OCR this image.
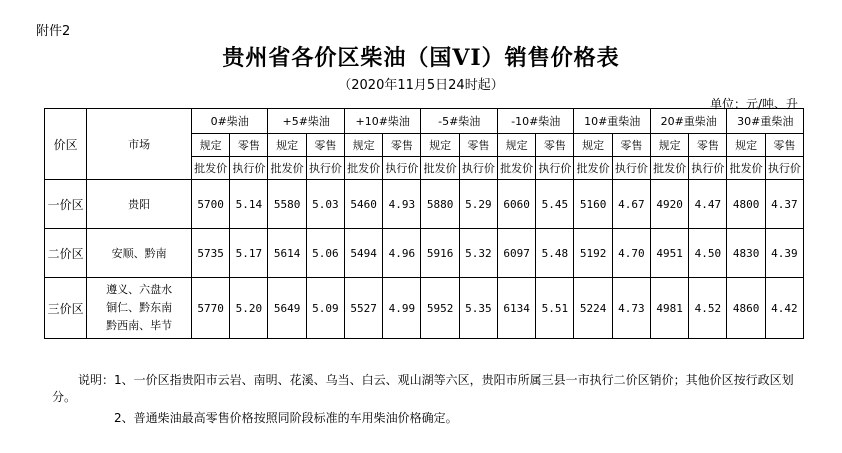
附件2
贵州省各价区柴油（国VI）销售价格表
（2020年11月5日24时起）
单位：元/吨、升
价区	市场	0#柴油		+5#柴油		+10#柴油		-5#柴油		-10#柴油		10#重柴油		20#重柴油		30#重柴油	
		规定	零售	规定	零售	规定	零售	规定	零售	规定	零售	规定	零售	规定	零售	规定	零售
		批发价	执行价	批发价	执行价	批发价	执行价	批发价	执行价	批发价	执行价	批发价	执行价	批发价	执行价	批发价	执行价
一价区	贵阳	5700	5.14	5580	5.03	5460	4.93	5880	5.29	6060	5.45	5160	4.67	4920	4.47	4800	4.37
二价区	安顺、黔南	5735	5.17	5614	5.06	5494	4.96	5916	5.32	6097	5.48	5192	4.70	4951	4.50	4830	4.39
三价区	遵义、六盘水
铜仁、黔东南
黔西南、毕节	5770	5.20	5649	5.09	5527	4.99	5952	5.35	6134	5.51	5224	4.73	4981	4.52	4860	4.42
说明：1、一价区指贵阳市云岩、南明、花溪、乌当、白云、观山湖等六区，贵阳市所属三县一市执行二价区销价；其他价区按行政区划分。
2、普通柴油最高零售价格按照同阶段标准的车用柴油价格确定。
